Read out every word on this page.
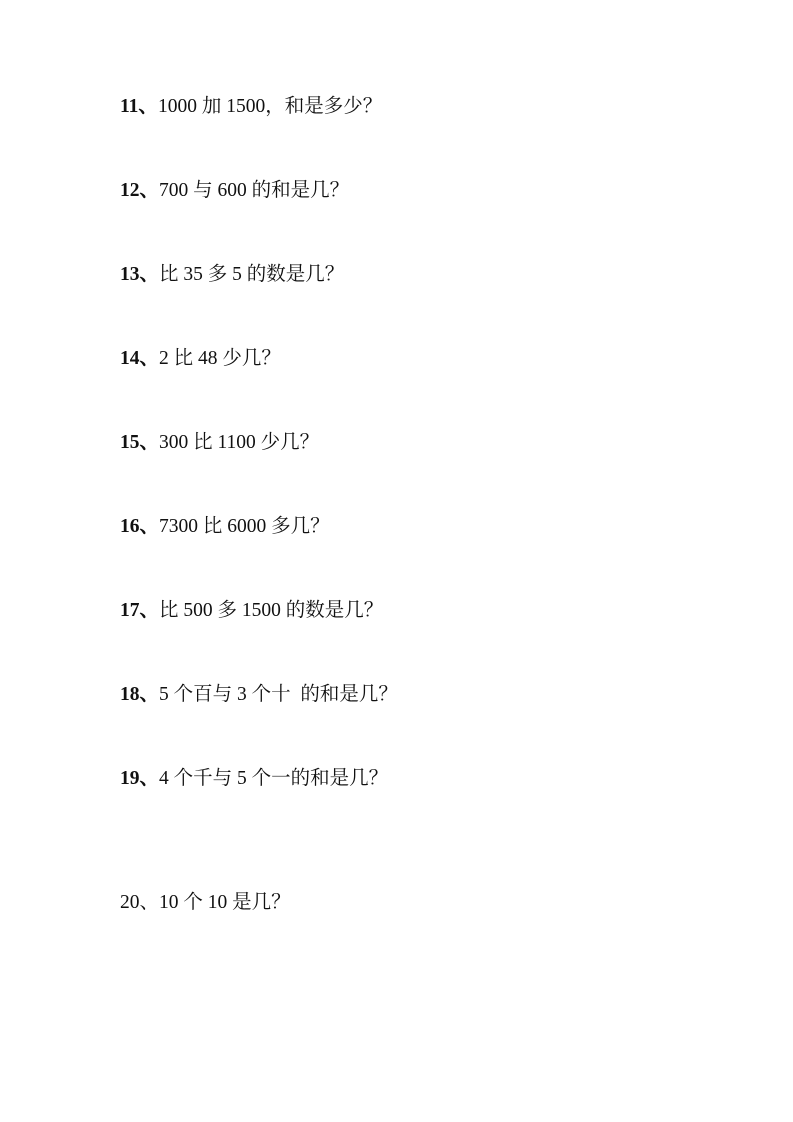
11、1000 加 1500，和是多少？
12、700 与 600 的和是几？
13、比 35 多 5 的数是几？
14、2 比 48 少几？
15、300 比 1100 少几？
16、7300 比 6000 多几？
17、比 500 多 1500 的数是几？
18、5 个百与 3 个十  的和是几？
19、4 个千与 5 个一的和是几？
20、10 个 10 是几？
